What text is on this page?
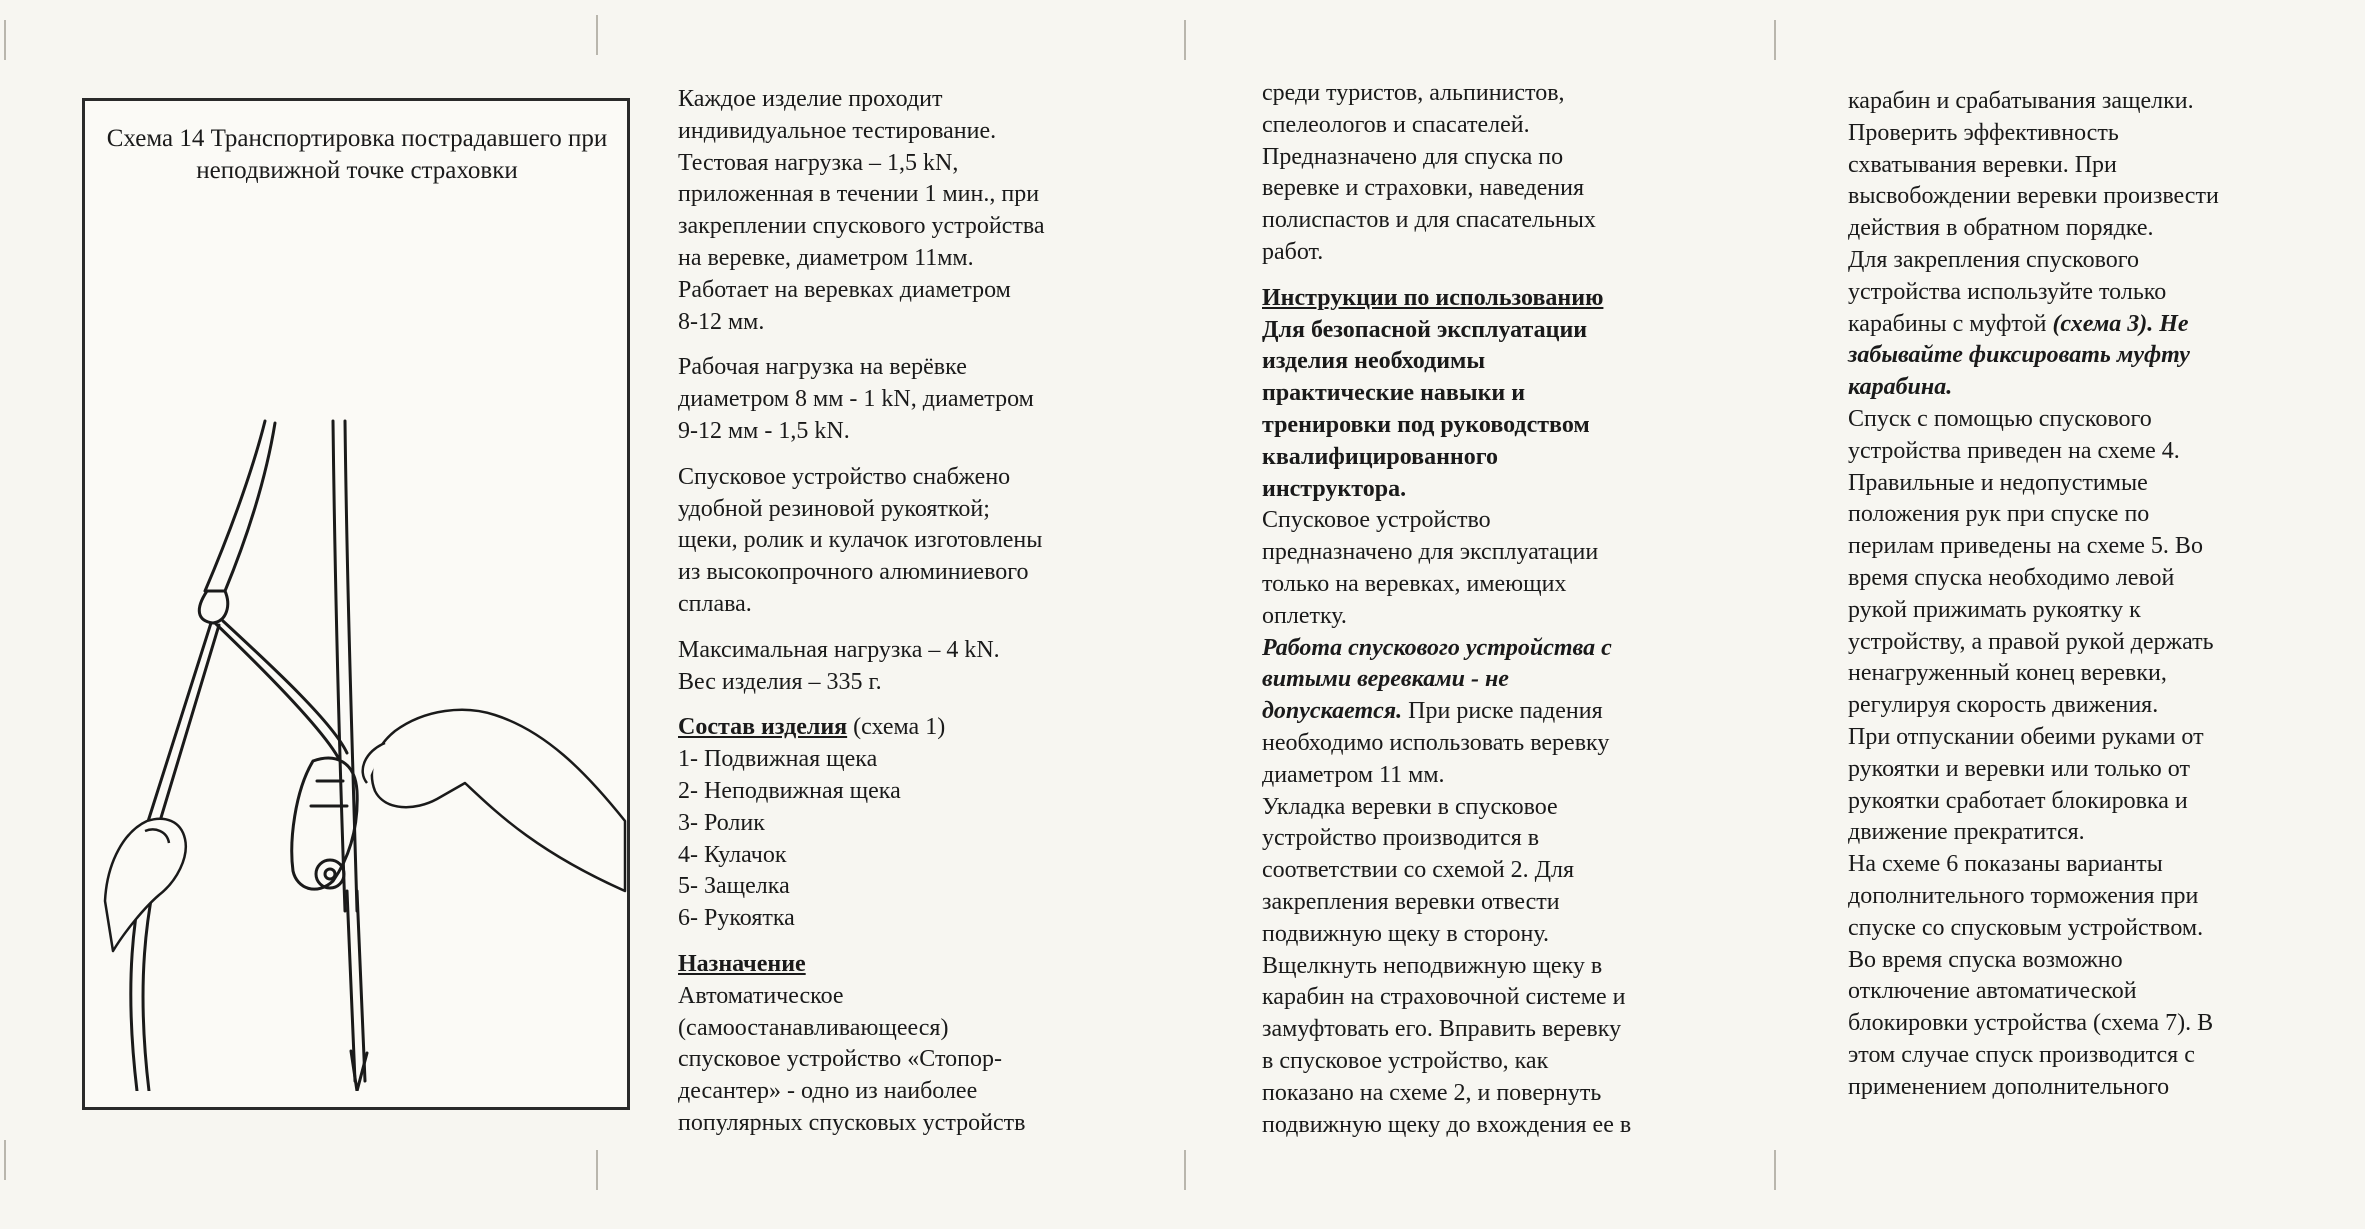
Схема 14 Транспортировка пострадавшего при неподвижной точке страховки

Каждое изделие проходит

индивидуальное тестирование.

Тестовая нагрузка – 1,5 kN,

приложенная в течении 1 мин., при

закреплении спускового устройства

на веревке, диаметром 11мм.

Работает на веревках диаметром

8-12 мм.

Рабочая нагрузка на верёвке

диаметром 8 мм - 1 kN, диаметром

9-12 мм - 1,5 kN.

Спусковое устройство снабжено

удобной резиновой рукояткой;

щеки, ролик и кулачок изготовлены

из высокопрочного алюминиевого

сплава.

Максимальная нагрузка – 4 kN.

Вес изделия – 335 г.

Состав изделия (схема 1)

1- Подвижная щека

2- Неподвижная щека

3- Ролик

4- Кулачок

5- Защелка

6- Рукоятка

Назначение

Автоматическое

(самоостанавливающееся)

спусковое устройство «Стопор-

десантер» - одно из наиболее

популярных спусковых устройств

среди туристов, альпинистов,

спелеологов и спасателей.

Предназначено для спуска по

веревке и страховки, наведения

полиспастов и для спасательных

работ.

Инструкции по использованию

Для безопасной эксплуатации

изделия необходимы

практические навыки и

тренировки под руководством

квалифицированного

инструктора.

Спусковое устройство

предназначено для эксплуатации

только на веревках, имеющих

оплетку.

Работа спускового устройства с

витыми веревками - не

допускается. При риске падения

необходимо использовать веревку

диаметром 11 мм.

Укладка веревки в спусковое

устройство производится в

соответствии со схемой 2. Для

закрепления веревки отвести

подвижную щеку в сторону.

Вщелкнуть неподвижную щеку в

карабин на страховочной системе и

замуфтовать его. Вправить веревку

в спусковое устройство, как

показано на схеме 2, и повернуть

подвижную щеку до вхождения ее в

карабин и срабатывания защелки.

Проверить эффективность

схватывания веревки. При

высвобождении веревки произвести

действия в обратном порядке.

Для закрепления спускового

устройства используйте только

карабины с муфтой (схема 3). Не

забывайте фиксировать муфту

карабина.

Спуск с помощью спускового

устройства приведен на схеме 4.

Правильные и недопустимые

положения рук при спуске по

перилам приведены на схеме 5. Во

время спуска необходимо левой

рукой прижимать рукоятку к

устройству, а правой рукой держать

ненагруженный конец веревки,

регулируя скорость движения.

При отпускании обеими руками от

рукоятки и веревки или только от

рукоятки сработает блокировка и

движение прекратится.

На схеме 6 показаны варианты

дополнительного торможения при

спуске со спусковым устройством.

Во время спуска возможно

отключение автоматической

блокировки устройства (схема 7). В

этом случае спуск производится с

применением дополнительного
